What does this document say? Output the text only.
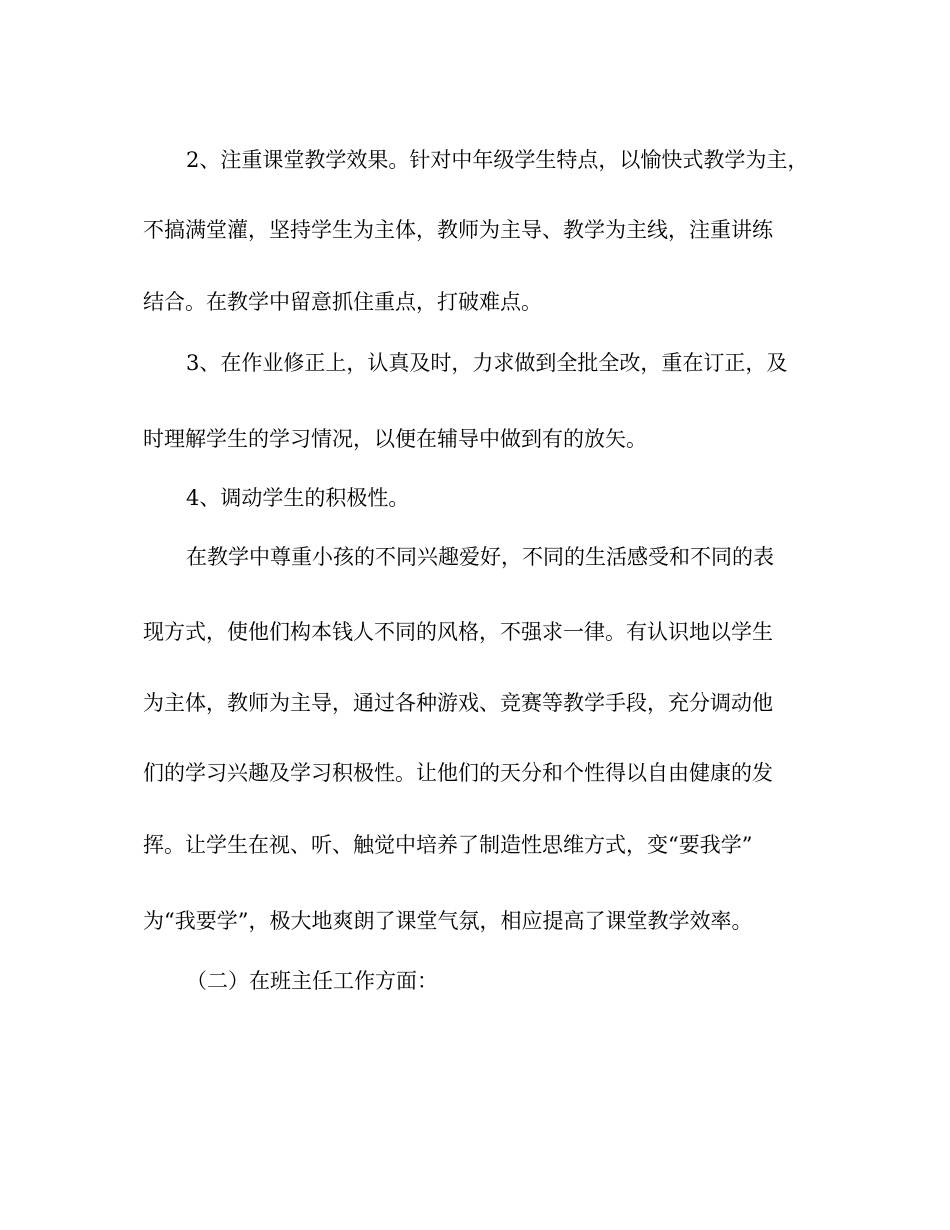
2、注重课堂教学效果。针对中年级学生特点，以愉快式教学为主，
不搞满堂灌，坚持学生为主体，教师为主导、教学为主线，注重讲练
结合。在教学中留意抓住重点，打破难点。
3、在作业修正上，认真及时，力求做到全批全改，重在订正，及
时理解学生的学习情况，以便在辅导中做到有的放矢。
4、调动学生的积极性。
在教学中尊重小孩的不同兴趣爱好，不同的生活感受和不同的表
现方式，使他们构本钱人不同的风格，不强求一律。有认识地以学生
为主体，教师为主导，通过各种游戏、竞赛等教学手段，充分调动他
们的学习兴趣及学习积极性。让他们的天分和个性得以自由健康的发
挥。让学生在视、听、触觉中培养了制造性思维方式，变“要我学”
为“我要学”，极大地爽朗了课堂气氛，相应提高了课堂教学效率。
（二）在班主任工作方面：
